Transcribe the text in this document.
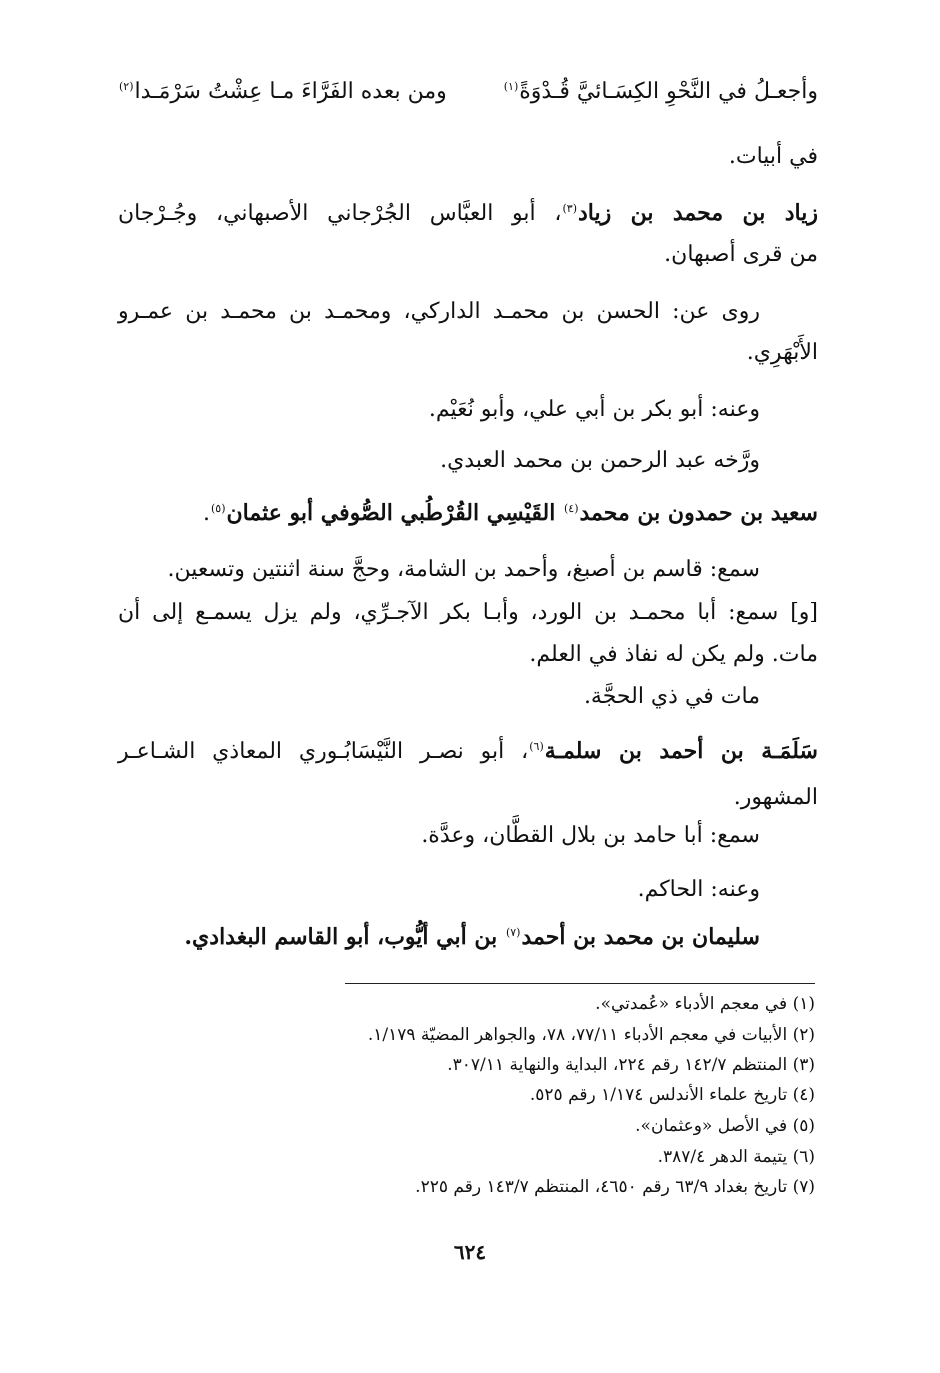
وأجعـلُ في النَّحْوِ الكِسَـائيَّ قُـدْوَةً$^{(١)}$
ومن بعده الفَرَّاءَ مـا عِشْتُ سَرْمَـدا$^{(٢)}$
في أبيات.
زياد بن محمد بن زياد$^{(٣)}$، أبو العبَّاس الجُرْجاني الأصبهاني، وجُـرْجان
من قرى أصبهان.
روى عن: الحسن بن محمـد الداركي، ومحمـد بن محمـد بن عمـرو
الأَبْهَرِي.
وعنه: أبو بكر بن أبي علي، وأبو نُعَيْم.
ورَّخه عبد الرحمن بن محمد العبدي.
سعيد بن حمدون بن محمد$^{(٤)}$ القَيْسِي القُرْطُبي الصُّوفي أبو عثمان$^{(٥)}$.
سمع: قاسم بن أصبغ، وأحمد بن الشامة، وحجَّ سنة اثنتين وتسعين.
[و] سمع: أبا محمـد بن الورد، وأبـا بكر الآجـرِّي، ولم يزل يسمـع إلى أن
مات. ولم يكن له نفاذ في العلم.
مات في ذي الحجَّة.
سَلَمَـة بن أحمد بن سلمـة$^{(٦)}$، أبو نصـر النَّيْسَابُـوري المعاذي الشـاعـر
المشهور.
سمع: أبا حامد بن بلال القطَّان، وعدَّة.
وعنه: الحاكم.
سليمان بن محمد بن أحمد$^{(٧)}$ بن أبي أيُّوب، أبو القاسم البغدادي.
(١) في معجم الأدباء «عُمدتي».
(٢) الأبيات في معجم الأدباء ٧٧/١١، ٧٨، والجواهر المضيّة ١/١٧٩.
(٣) المنتظم ١٤٢/٧ رقم ٢٢٤، البداية والنهاية ٣٠٧/١١.
(٤) تاريخ علماء الأندلس ١/١٧٤ رقم ٥٢٥.
(٥) في الأصل «وعثمان».
(٦) يتيمة الدهر ٣٨٧/٤.
(٧) تاريخ بغداد ٦٣/٩ رقم ٤٦٥٠، المنتظم ١٤٣/٧ رقم ٢٢٥.
٦٢٤
